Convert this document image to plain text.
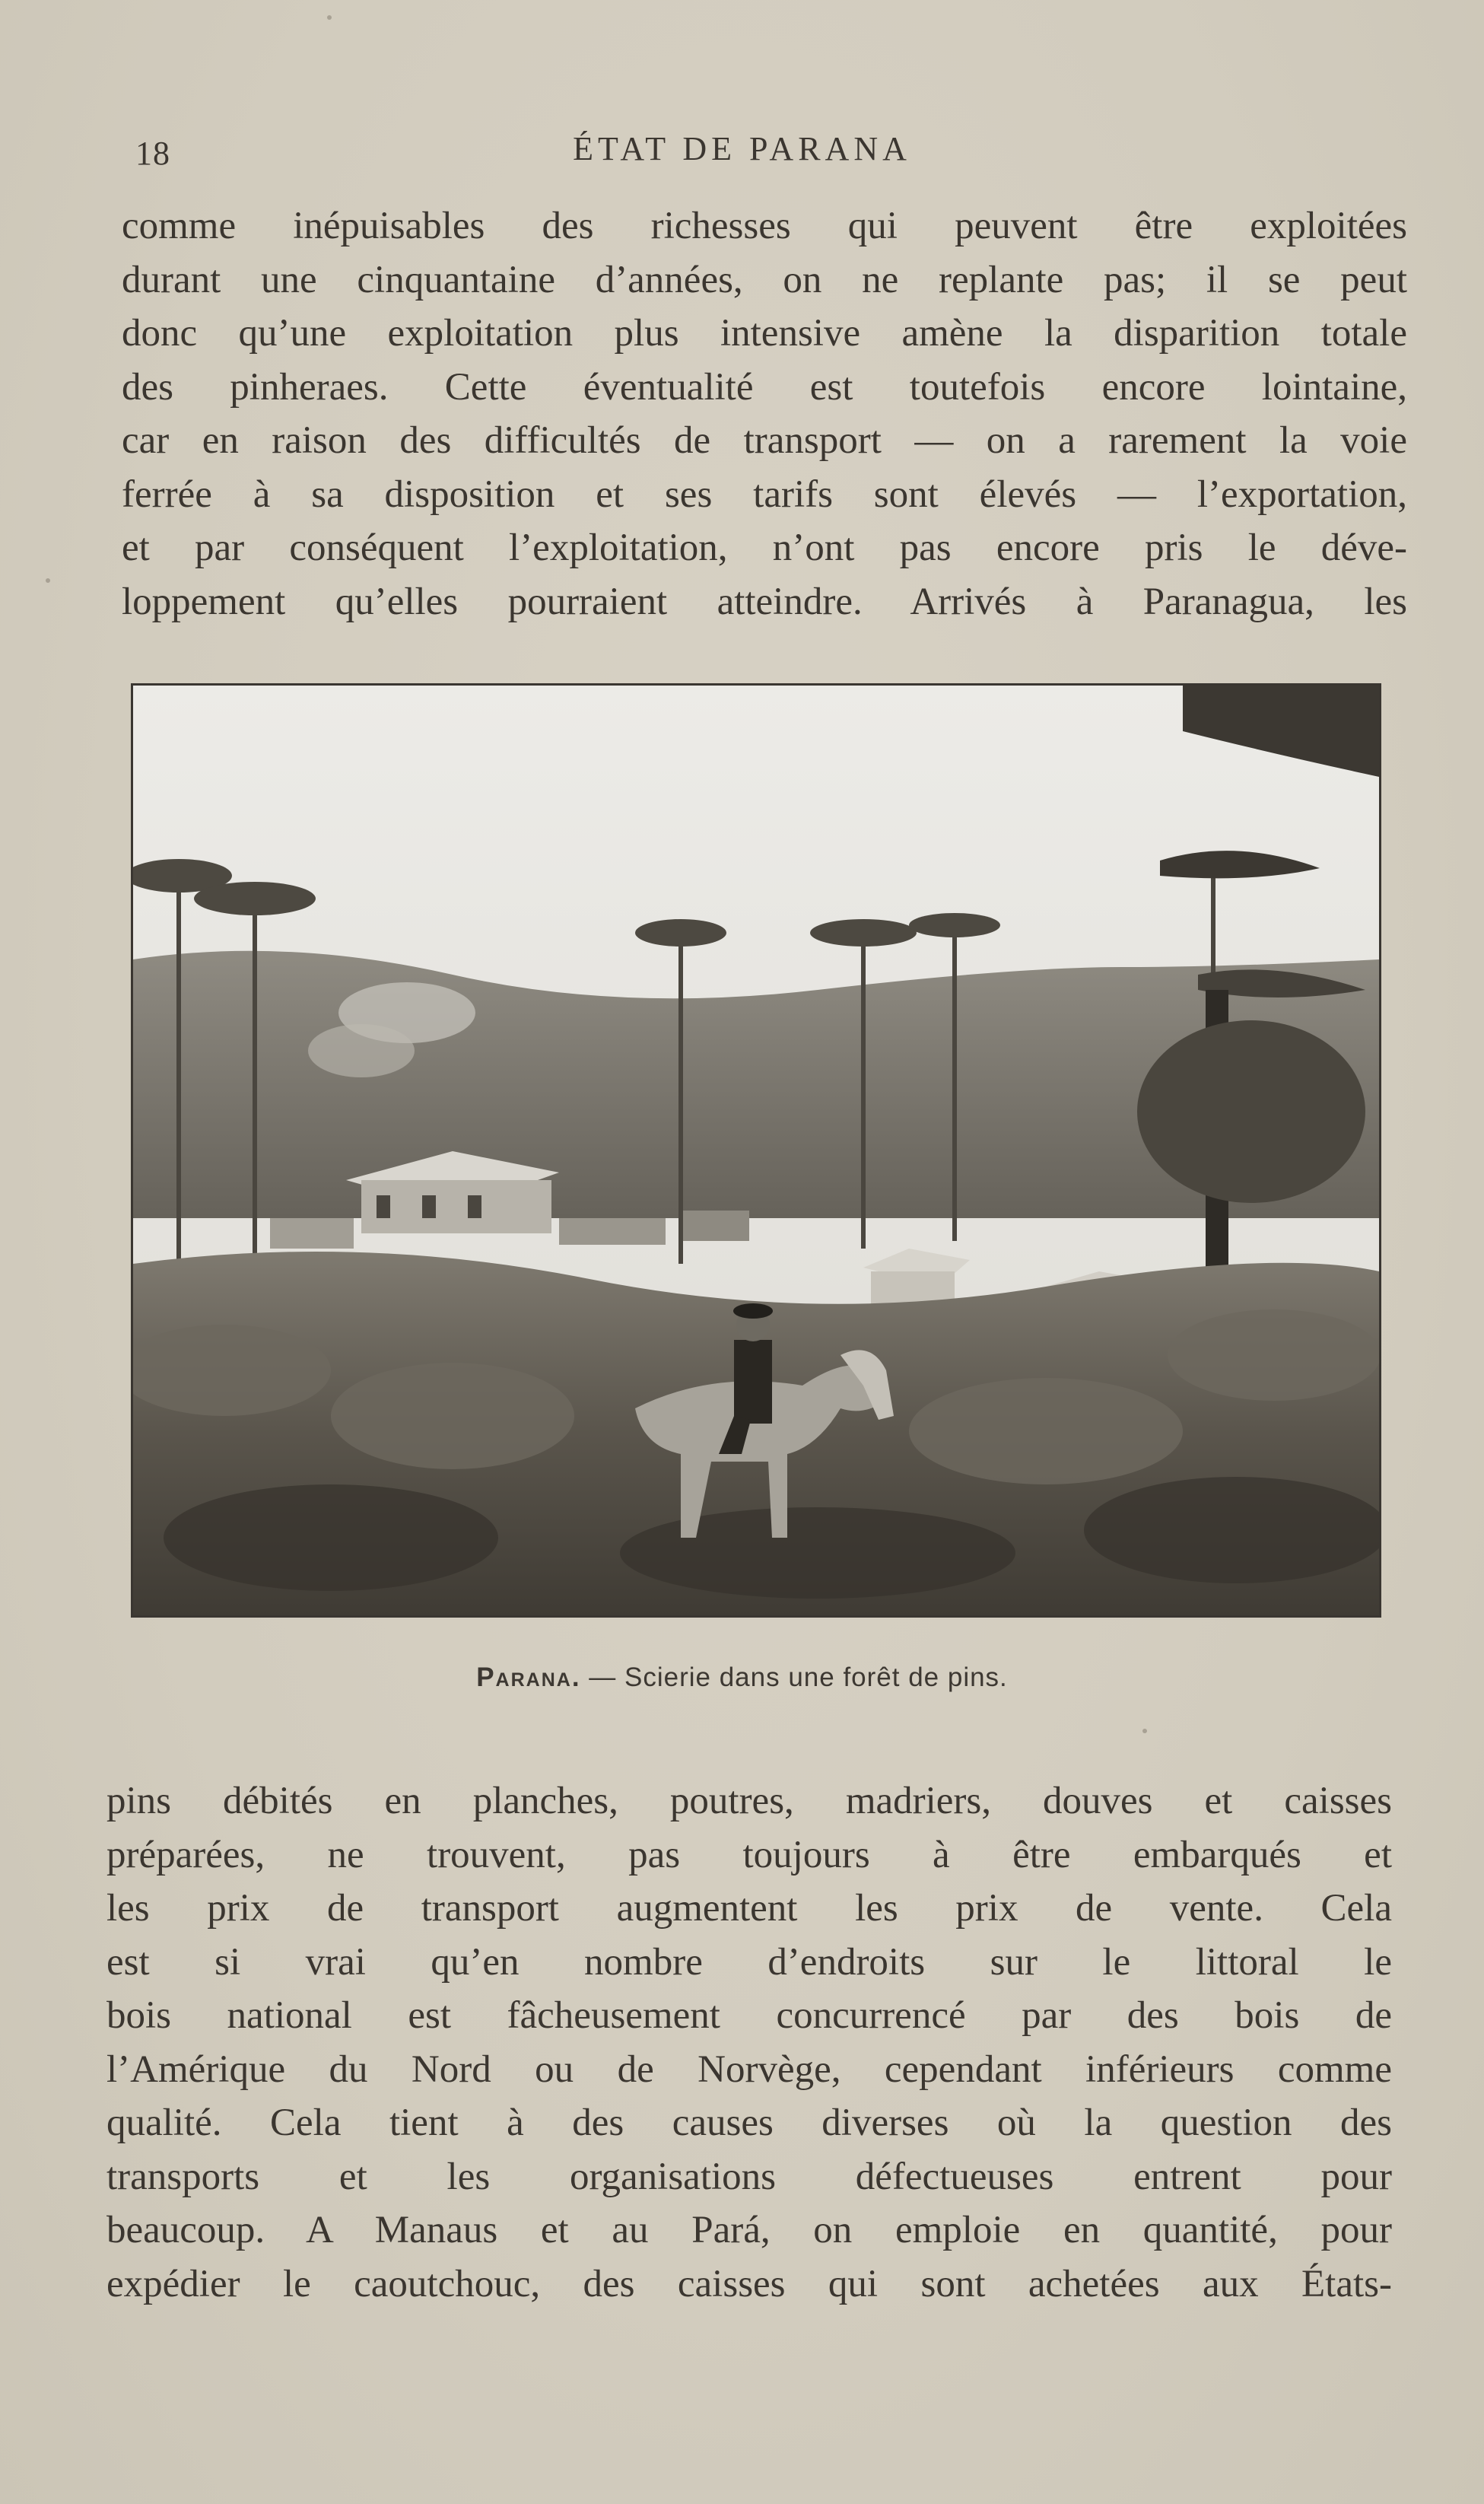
18	ÉTAT DE PARANA
comme inépuisables des richesses qui peuvent être exploitées
durant une cinquantaine d’années, on ne replante pas; il se peut
donc qu’une exploitation plus intensive amène la disparition totale
des pinheraes. Cette éventualité est toutefois encore lointaine,
car en raison des difficultés de transport — on a rarement la voie
ferrée à sa disposition et ses tarifs sont élevés — l’exportation,
et par conséquent l’exploitation, n’ont pas encore pris le déve-
loppement qu’elles pourraient atteindre. Arrivés à Paranagua, les
Parana. — Scierie dans une forêt de pins.
pins débités en planches, poutres, madriers, douves et caisses
préparées, ne trouvent, pas toujours à être embarqués et
les prix de transport augmentent les prix de vente. Cela
est si vrai qu’en nombre d’endroits sur le littoral le
bois national est fâcheusement concurrencé par des bois de
l’Amérique du Nord ou de Norvège, cependant inférieurs comme
qualité. Cela tient à des causes diverses où la question des
transports et les organisations défectueuses entrent pour
beaucoup. A Manaus et au Pará, on emploie en quantité, pour
expédier le caoutchouc, des caisses qui sont achetées aux États-
